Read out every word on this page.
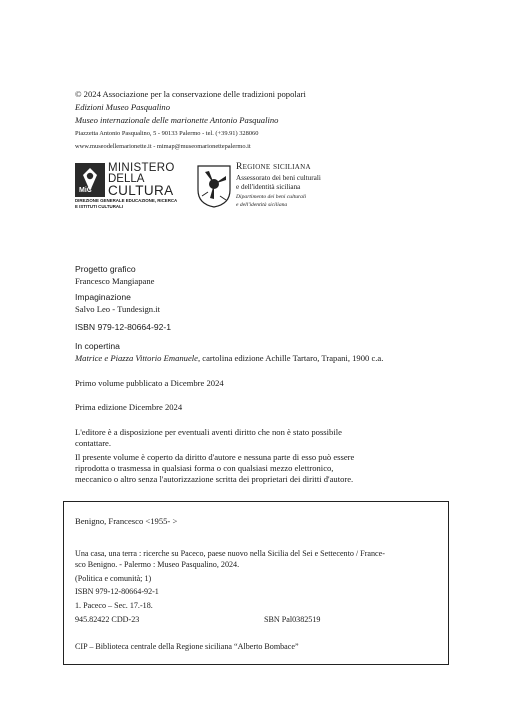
© 2024 Associazione per la conservazione delle tradizioni popolari
Edizioni Museo Pasqualino
Museo internazionale delle marionette Antonio Pasqualino
Piazzetta Antonio Pasqualino, 5 - 90133 Palermo - tel. (+39.91) 328060
www.museodellemarionette.it - mimap@museomarionettepalermo.it
MiC
MINISTERO
DELLA
CULTURA
DIREZIONE GENERALE EDUCAZIONE, RICERCA
E ISTITUTI CULTURALI
Regione siciliana
Assessorato dei beni culturali
e dell'identità siciliana
Dipartimento dei beni culturali
e dell'identità siciliana
Progetto grafico
Francesco Mangiapane
Impaginazione
Salvo Leo - Tundesign.it
ISBN 979-12-80664-92-1
In copertina
Matrice e Piazza Vittorio Emanuele, cartolina edizione Achille Tartaro, Trapani, 1900 c.a.
Primo volume pubblicato a Dicembre 2024
Prima edizione Dicembre 2024
L'editore è a disposizione per eventuali aventi diritto che non è stato possibile
contattare.
Il presente volume è coperto da diritto d'autore e nessuna parte di esso può essere
riprodotta o trasmessa in qualsiasi forma o con qualsiasi mezzo elettronico,
meccanico o altro senza l'autorizzazione scritta dei proprietari dei diritti d'autore.
Benigno, Francesco <1955- >
Una casa, una terra : ricerche su Paceco, paese nuovo nella Sicilia del Sei e Settecento / France-
sco Benigno. - Palermo : Museo Pasqualino, 2024.
(Politica e comunità; 1)
ISBN 979-12-80664-92-1
1. Paceco – Sec. 17.-18.
945.82422 CDD-23	SBN Pal0382519
CIP – Biblioteca centrale della Regione siciliana “Alberto Bombace”
